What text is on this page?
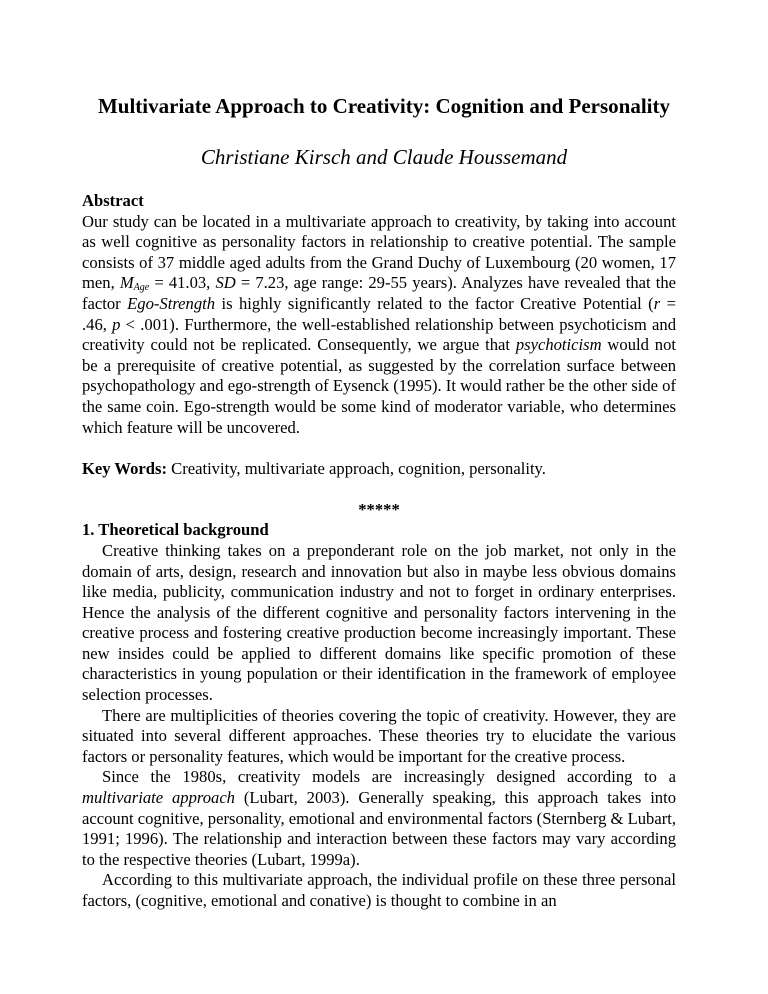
Multivariate Approach to Creativity: Cognition and Personality
Christiane Kirsch and Claude Houssemand
Abstract
Our study can be located in a multivariate approach to creativity, by taking into account as well cognitive as personality factors in relationship to creative potential. The sample consists of 37 middle aged adults from the Grand Duchy of Luxembourg (20 women, 17 men, $M_{Age} = 41.03$, SD = 7.23, age range: 29-55 years). Analyzes have revealed that the factor Ego-Strength is highly significantly related to the factor Creative Potential (r = .46, p < .001). Furthermore, the well-established relationship between psychoticism and creativity could not be replicated. Consequently, we argue that psychoticism would not be a prerequisite of creative potential, as suggested by the correlation surface between psychopathology and ego-strength of Eysenck (1995). It would rather be the other side of the same coin. Ego-strength would be some kind of moderator variable, who determines which feature will be uncovered.
Key Words: Creativity, multivariate approach, cognition, personality.
*****
1. Theoretical background

Creative thinking takes on a preponderant role on the job market, not only in the domain of arts, design, research and innovation but also in maybe less obvious domains like media, publicity, communication industry and not to forget in ordinary enterprises. Hence the analysis of the different cognitive and personality factors intervening in the creative process and fostering creative production become increasingly important. These new insides could be applied to different domains like specific promotion of these characteristics in young population or their identification in the framework of employee selection processes.

There are multiplicities of theories covering the topic of creativity. However, they are situated into several different approaches. These theories try to elucidate the various factors or personality features, which would be important for the creative process.

Since the 1980s, creativity models are increasingly designed according to a multivariate approach (Lubart, 2003). Generally speaking, this approach takes into account cognitive, personality, emotional and environmental factors (Sternberg & Lubart, 1991; 1996). The relationship and interaction between these factors may vary according to the respective theories (Lubart, 1999a).

According to this multivariate approach, the individual profile on these three personal factors, (cognitive, emotional and conative) is thought to combine in an
